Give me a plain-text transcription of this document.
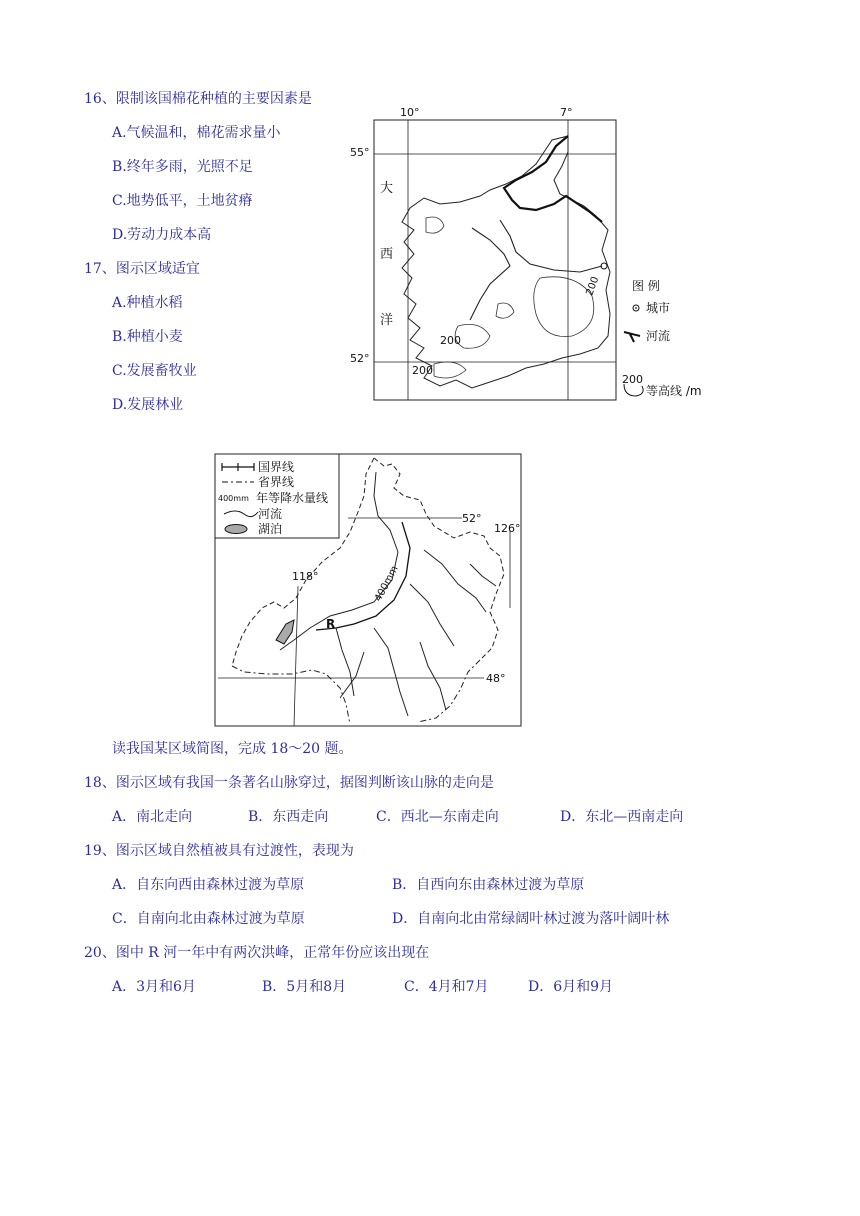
16、限制该国棉花种植的主要因素是
A.气候温和，棉花需求量小
B.终年多雨，光照不足
C.地势低平，土地贫瘠
D.劳动力成本高
17、图示区域适宜
A.种植水稻
B.种植小麦
C.发展畜牧业
D.发展林业
10°	7°
55°
52°
大
西
洋
200
200
200	图 例
城市
河流
200
等高线 /m
国界线
省界线
400mm 年等降水量线
河流
湖泊
52°
48°
126°
118°	400mm
R
读我国某区域简图，完成 18～20 题。
18、图示区域有我国一条著名山脉穿过，据图判断该山脉的走向是
A．南北走向	B．东西走向	C．西北—东南走向	D．东北—西南走向
19、图示区域自然植被具有过渡性，表现为
A．自东向西由森林过渡为草原	B．自西向东由森林过渡为草原
C．自南向北由森林过渡为草原	D．自南向北由常绿阔叶林过渡为落叶阔叶林
20、图中 R 河一年中有两次洪峰，正常年份应该出现在
A．3月和6月	B．5月和8月	C．4月和7月	D．6月和9月
